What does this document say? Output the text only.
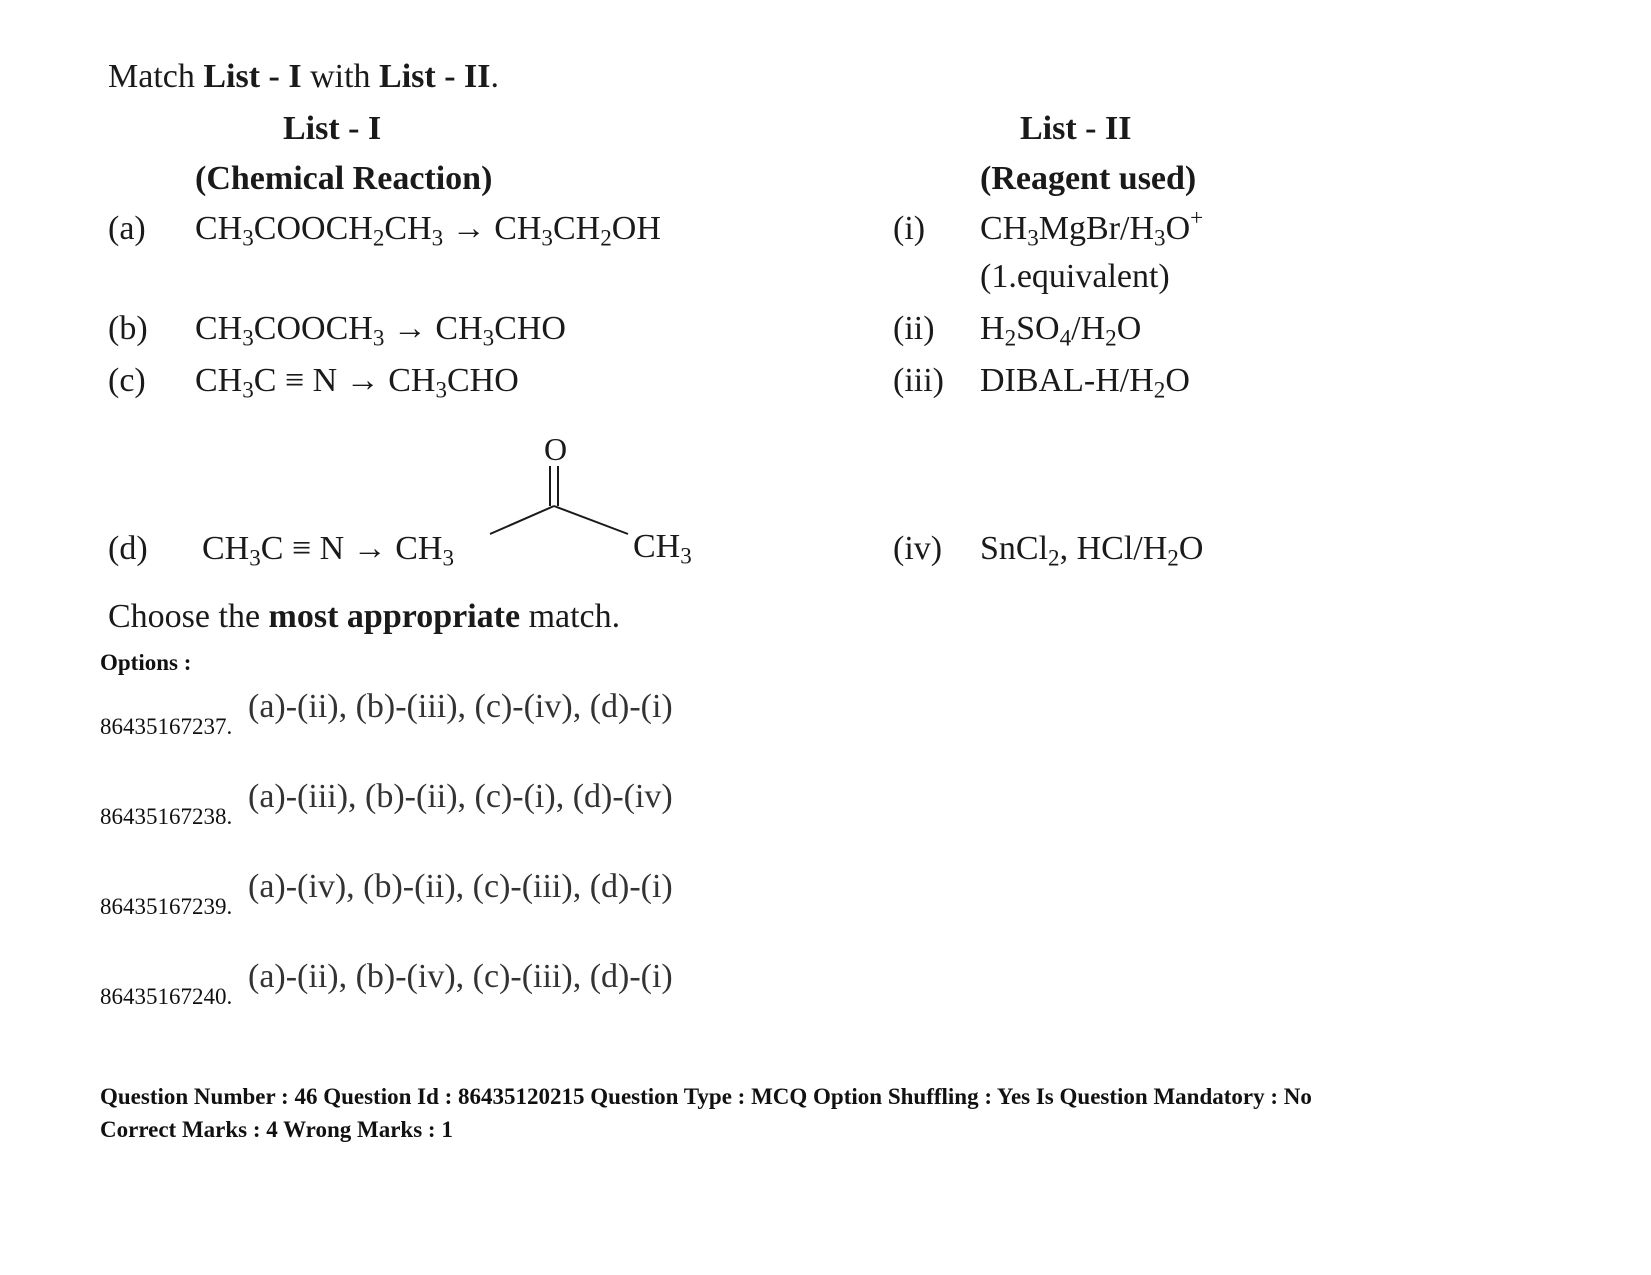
Match List - I with List - II.
List - I
(Chemical Reaction)
List - II
(Reagent used)
(a) $CH_3COOCH_2CH_3 \to CH_3CH_2OH$
(b) $CH_3COOCH_3 \to CH_3CHO$
(c) $CH_3C \equiv N \to CH_3CHO$
(d) $CH_3C \equiv N \to CH_3$
O
$CH_3$
(i) $CH_3MgBr/H_3O^+$
(1.equivalent)
(ii) $H_2SO_4/H_2O$
(iii) DIBAL-$H/H_2O$
(iv) SnCl$_2$, HCl/$H_2O$
Choose the most appropriate match.
Options :
86435167237.
(a)-(ii), (b)-(iii), (c)-(iv), (d)-(i)
86435167238.
(a)-(iii), (b)-(ii), (c)-(i), (d)-(iv)
86435167239.
(a)-(iv), (b)-(ii), (c)-(iii), (d)-(i)
86435167240.
(a)-(ii), (b)-(iv), (c)-(iii), (d)-(i)
Question Number : 46 Question Id : 86435120215 Question Type : MCQ Option Shuffling : Yes Is Question Mandatory : No
Correct Marks : 4 Wrong Marks : 1
